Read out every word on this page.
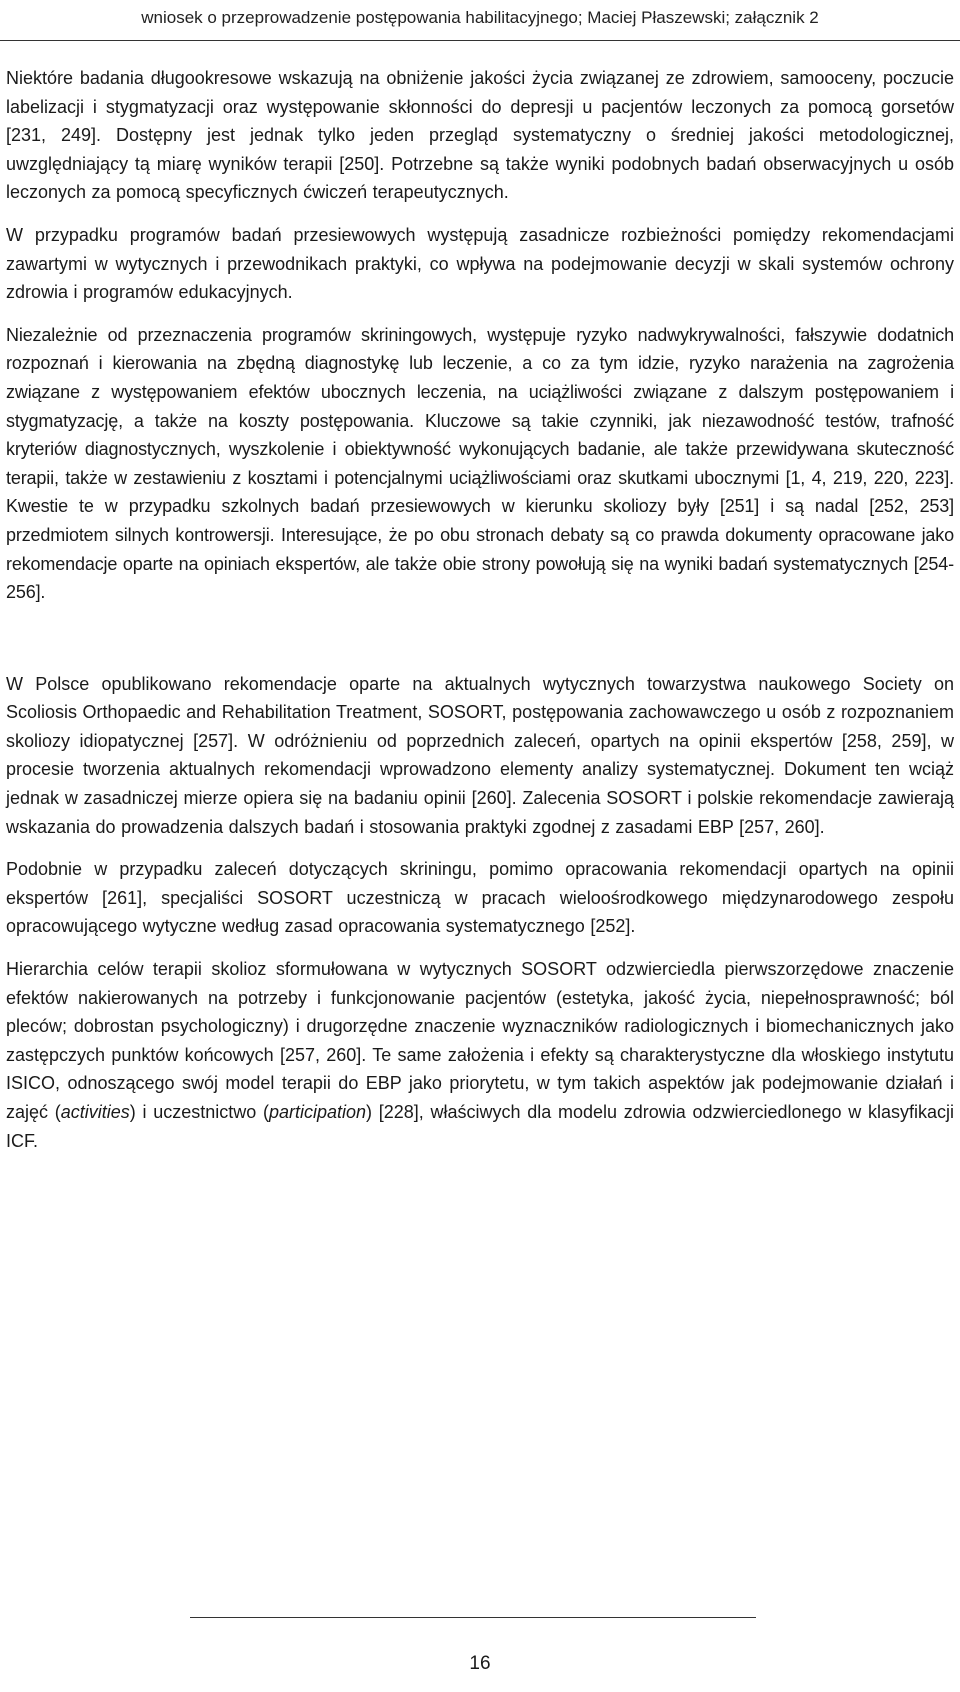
wniosek o przeprowadzenie postępowania habilitacyjnego; Maciej Płaszewski; załącznik 2

Niektóre badania długookresowe wskazują na obniżenie jakości życia związanej ze zdrowiem, samooceny, poczucie labelizacji i stygmatyzacji oraz występowanie skłonności do depresji u pacjentów leczonych za pomocą gorsetów [231, 249]. Dostępny jest jednak tylko jeden przegląd systematyczny o średniej jakości metodologicznej, uwzględniający tą miarę wyników terapii [250]. Potrzebne są także wyniki podobnych badań obserwacyjnych u osób leczonych za pomocą specyficznych ćwiczeń terapeutycznych.

W przypadku programów badań przesiewowych występują zasadnicze rozbieżności pomiędzy rekomendacjami zawartymi w wytycznych i przewodnikach praktyki, co wpływa na podejmowanie decyzji w skali systemów ochrony zdrowia i programów edukacyjnych.

Niezależnie od przeznaczenia programów skriningowych, występuje ryzyko nadwykrywalności, fałszywie dodatnich rozpoznań i kierowania na zbędną diagnostykę lub leczenie, a co za tym idzie, ryzyko narażenia na zagrożenia związane z występowaniem efektów ubocznych leczenia, na uciążliwości związane z dalszym postępowaniem i stygmatyzację, a także na koszty postępowania. Kluczowe są takie czynniki, jak niezawodność testów, trafność kryteriów diagnostycznych, wyszkolenie i obiektywność wykonujących badanie, ale także przewidywana skuteczność terapii, także w zestawieniu z kosztami i potencjalnymi uciążliwościami oraz skutkami ubocznymi [1, 4, 219, 220, 223]. Kwestie te w przypadku szkolnych badań przesiewowych w kierunku skoliozy były [251] i są nadal [252, 253] przedmiotem silnych kontrowersji. Interesujące, że po obu stronach debaty są co prawda dokumenty opracowane jako rekomendacje oparte na opiniach ekspertów, ale także obie strony powołują się na wyniki badań systematycznych [254-256].

W Polsce opublikowano rekomendacje oparte na aktualnych wytycznych towarzystwa naukowego Society on Scoliosis Orthopaedic and Rehabilitation Treatment, SOSORT, postępowania zachowawczego u osób z rozpoznaniem skoliozy idiopatycznej [257]. W odróżnieniu od poprzednich zaleceń, opartych na opinii ekspertów [258, 259], w procesie tworzenia aktualnych rekomendacji wprowadzono elementy analizy systematycznej. Dokument ten wciąż jednak w zasadniczej mierze opiera się na badaniu opinii [260]. Zalecenia SOSORT i polskie rekomendacje zawierają wskazania do prowadzenia dalszych badań i stosowania praktyki zgodnej z zasadami EBP [257, 260].

Podobnie w przypadku zaleceń dotyczących skriningu, pomimo opracowania rekomendacji opartych na opinii ekspertów [261], specjaliści SOSORT uczestniczą w pracach wieloośrodkowego międzynarodowego zespołu opracowującego wytyczne według zasad opracowania systematycznego [252].

Hierarchia celów terapii skolioz sformułowana w wytycznych SOSORT odzwierciedla pierwszorzędowe znaczenie efektów nakierowanych na potrzeby i funkcjonowanie pacjentów (estetyka, jakość życia, niepełnosprawność; ból pleców; dobrostan psychologiczny) i drugorzędne znaczenie wyznaczników radiologicznych i biomechanicznych jako zastępczych punktów końcowych [257, 260]. Te same założenia i efekty są charakterystyczne dla włoskiego instytutu ISICO, odnoszącego swój model terapii do EBP jako priorytetu, w tym takich aspektów jak podejmowanie działań i zajęć (activities) i uczestnictwo (participation) [228], właściwych dla modelu zdrowia odzwierciedlonego w klasyfikacji ICF.

16
